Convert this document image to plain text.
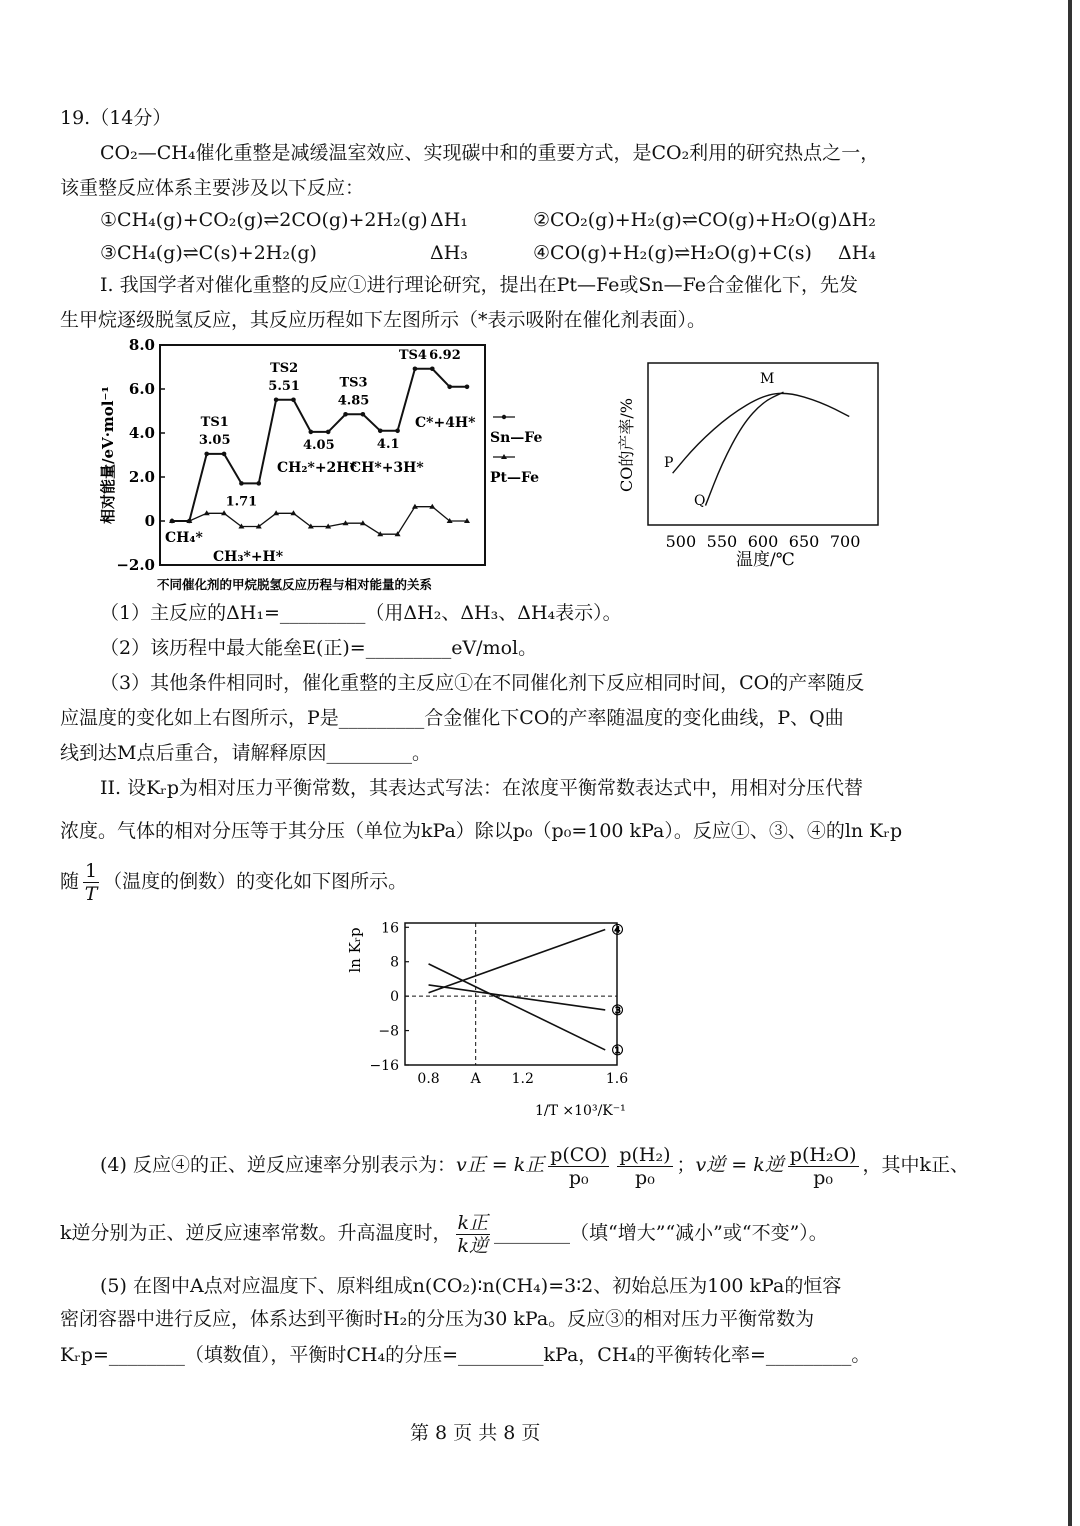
19.（14分）
CO₂—CH₄催化重整是减缓温室效应、实现碳中和的重要方式，是CO₂利用的研究热点之一，
该重整反应体系主要涉及以下反应：
①CH₄(g)+CO₂(g)⇌2CO(g)+2H₂(g) ΔH₁	②CO₂(g)+H₂(g)⇌CO(g)+H₂O(g) ΔH₂
③CH₄(g)⇌C(s)+2H₂(g)	ΔH₃	④CO(g)+H₂(g)⇌H₂O(g)+C(s) ΔH₄
I. 我国学者对催化重整的反应①进行理论研究，提出在Pt—Fe或Sn—Fe合金催化下，先发
生甲烷逐级脱氢反应，其反应历程如下左图所示（*表示吸附在催化剂表面）。
8.0
6.0
4.0
2.0
0
−2.0
相对能量/eV·mol⁻¹	TS1
3.05
1.71
TS2
5.51
4.05
TS3
4.85
4.1
TS4 6.92
CH₂*+2H*
CH₄*
CH₃*+H*
CH*+3H*
C*+4H*
Sn—Fe
Pt—Fe
不同催化剂的甲烷脱氢反应历程与相对能量的关系
CO的产率/%
500 550 600 650 700
温度/℃
M
P
Q
（1）主反应的ΔH₁=_________（用ΔH₂、ΔH₃、ΔH₄表示）。
（2）该历程中最大能垒E(正)=_________eV/mol。
（3）其他条件相同时，催化重整的主反应①在不同催化剂下反应相同时间，CO的产率随反
应温度的变化如上右图所示，P是_________合金催化下CO的产率随温度的变化曲线，P、Q曲
线到达M点后重合，请解释原因_________。
II. 设Kᵣp为相对压力平衡常数，其表达式写法：在浓度平衡常数表达式中，用相对分压代替
浓度。气体的相对分压等于其分压（单位为kPa）除以p₀（p₀=100 kPa）。反应①、③、④的ln Kᵣp
随 $\frac{1}{T}$ （温度的倒数）的变化如下图所示。
ln Kᵣp 16
8
0
−8
−16
0.8 A 1.2	1.6
①
③
④
1/T ×10³/K⁻¹
(4) 反应④的正、逆反应速率分别表示为：v正 = k正 $\frac{p(CO)}{\text{p₀}} \frac{\text{p(H₂)}}{\text{p₀}}$ ；v逆 = k逆 $\frac{\text{p(H₂O)}}{\text{p₀}}$ ，其中k正、
k逆分别为正、逆反应速率常数。升高温度时， $\frac{\text{k正}}{\text{k逆}}$ ________（填“增大”“减小”或“不变”）。
(5) 在图中A点对应温度下、原料组成n(CO₂)∶n(CH₄)=3∶2、初始总压为100 kPa的恒容
密闭容器中进行反应，体系达到平衡时H₂的分压为30 kPa。反应③的相对压力平衡常数为
Kᵣp=________（填数值），平衡时CH₄的分压=_________kPa，CH₄的平衡转化率=_________。
第 8 页 共 8 页
